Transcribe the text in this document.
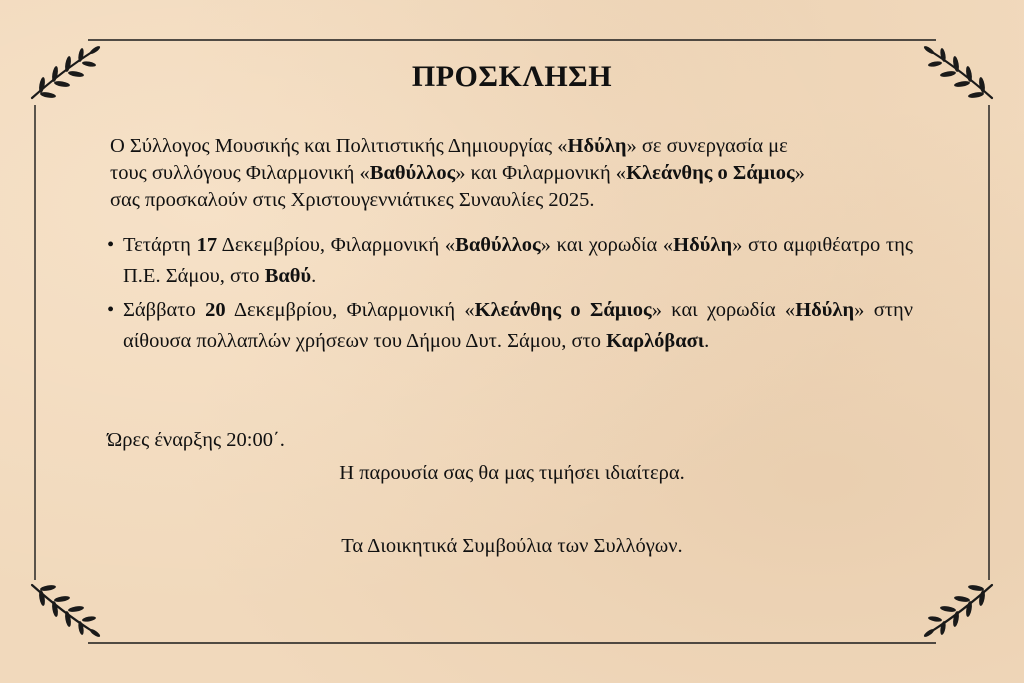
ΠΡΟΣΚΛΗΣΗ

Ο Σύλλογος Μουσικής και Πολιτιστικής Δημιουργίας «Ηδύλη» σε συνεργασία με

τους συλλόγους Φιλαρμονική «Βαθύλλος» και Φιλαρμονική «Κλεάνθης ο Σάμιος»

σας προσκαλούν στις Χριστουγεννιάτικες Συναυλίες 2025.

• Τετάρτη 17 Δεκεμβρίου, Φιλαρμονική «Βαθύλλος» και χορωδία «Ηδύλη» στο αμφιθέατρο της Π.Ε. Σάμου, στο Βαθύ.
• Σάββατο 20 Δεκεμβρίου, Φιλαρμονική «Κλεάνθης ο Σάμιος» και χορωδία «Ηδύλη» στην αίθουσα πολλαπλών χρήσεων του Δήμου Δυτ. Σάμου, στο Καρλόβασι.
Ώρες έναρξης 20:00΄.
Η παρουσία σας θα μας τιμήσει ιδιαίτερα.
Τα Διοικητικά Συμβούλια των Συλλόγων.
